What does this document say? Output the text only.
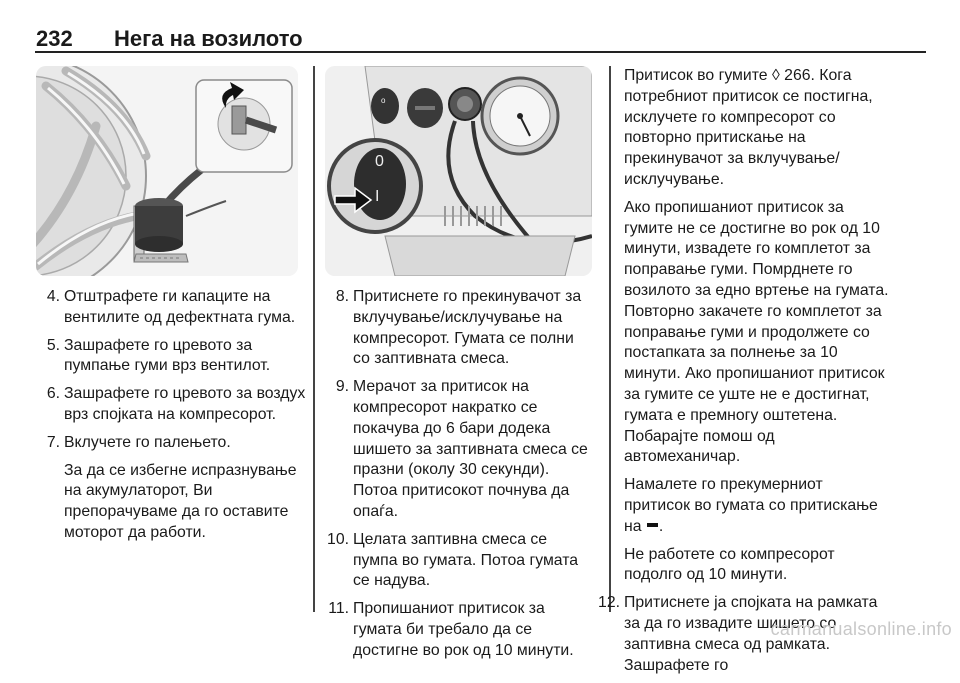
232 Нега на возилото
o
0
I
4. Отштрафете ги капаците на вентилите од дефектната гума.
5. Зашрафете го цревото за пумпање гуми врз вентилот.
6. Зашрафете го цревото за воздух врз спојката на компресорот.
7. Вклучете го палењето.
За да се избегне испразнување на акумулаторот, Ви препорачуваме да го оставите моторот да работи.
8. Притиснете го прекинувачот за вклучување/исклучување на компресорот. Гумата се полни со заптивната смеса.
9. Мерачот за притисок на компресорот накратко се покачува до 6 бари додека шишето за заптивната смеса се празни (околу 30 секунди). Потоа притисокот почнува да опаѓа.
10. Целата заптивна смеса се пумпа во гумата. Потоа гумата се надува.
11. Пропишаниот притисок за гумата би требало да се достигне во рок од 10 минути.
Притисок во гумите ◊ 266. Кога потребниот притисок се постигна, исклучете го компресорот со повторно притискање на прекинувачот за вклучување/исклучување.
Ако пропишаниот притисок за гумите не се достигне во рок од 10 минути, извадете го комплетот за поправање гуми. Помрднете го возилото за едно вртење на гумата. Повторно закачете го комплетот за поправање гуми и продолжете со постапката за полнење за 10 минути. Ако пропишаниот притисок за гумите се уште не е достигнат, гумата е премногу оштетена. Побарајте помош од автомеханичар.
Намалете го прекумерниот притисок во гумата со притискање на .
Не работете со компресорот подолго од 10 минути.
12. Притиснете ја спојката на рамката за да го извадите шишето со заптивна смеса од рамката. Зашрафете го
carmanualsonline.info
